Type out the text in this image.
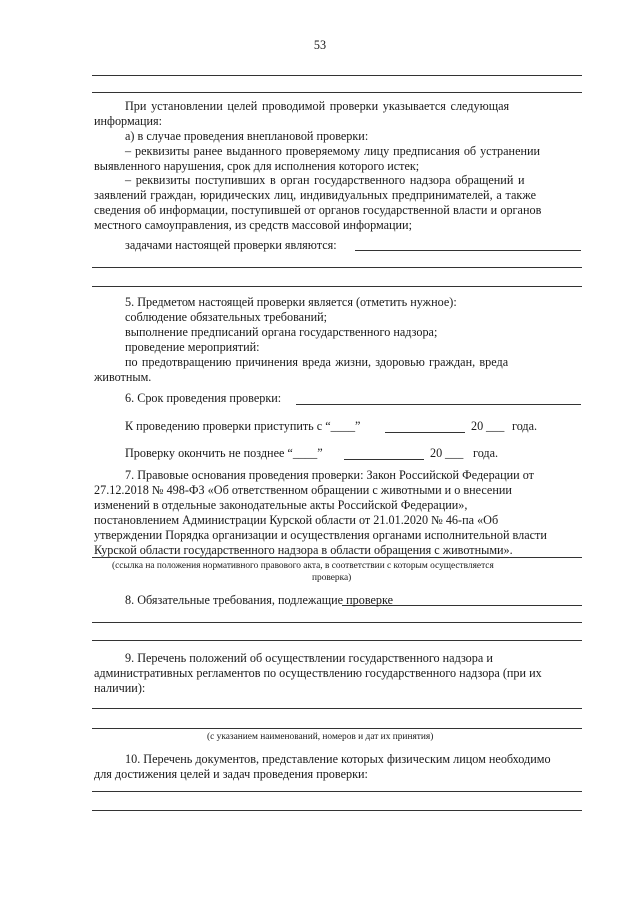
53
При установлении целей проводимой проверки указывается следующая
информация:
а) в случае проведения внеплановой проверки:
– реквизиты ранее выданного проверяемому лицу предписания об устранении
выявленного нарушения, срок для исполнения которого истек;
– реквизиты поступивших в орган государственного надзора обращений и
заявлений граждан, юридических лиц, индивидуальных предпринимателей, а также
сведения об информации, поступившей от органов государственной власти и органов
местного самоуправления, из средств массовой информации;
задачами настоящей проверки являются:
5. Предметом настоящей проверки является (отметить нужное):
соблюдение обязательных требований;
выполнение предписаний органа государственного надзора;
проведение мероприятий:
по предотвращению причинения вреда жизни, здоровью граждан, вреда
животным.
6. Срок проведения проверки:
К проведению проверки приступить с “____”	20 ___ года.
Проверку окончить не позднее “____”	20 ___ года.
7. Правовые основания проведения проверки: Закон Российской Федерации от
27.12.2018 № 498-ФЗ «Об ответственном обращении с животными и о внесении
изменений в отдельные законодательные акты Российской Федерации»,
постановлением Администрации Курской области от 21.01.2020 № 46-па «Об
утверждении Порядка организации и осуществления органами исполнительной власти
Курской области государственного надзора в области обращения с животными».
(ссылка на положения нормативного правового акта, в соответствии с которым осуществляется
проверка)
8. Обязательные требования, подлежащие проверке
9. Перечень положений об осуществлении государственного надзора и
административных регламентов по осуществлению государственного надзора (при их
наличии):
(с указанием наименований, номеров и дат их принятия)
10. Перечень документов, представление которых физическим лицом необходимо
для достижения целей и задач проведения проверки:
